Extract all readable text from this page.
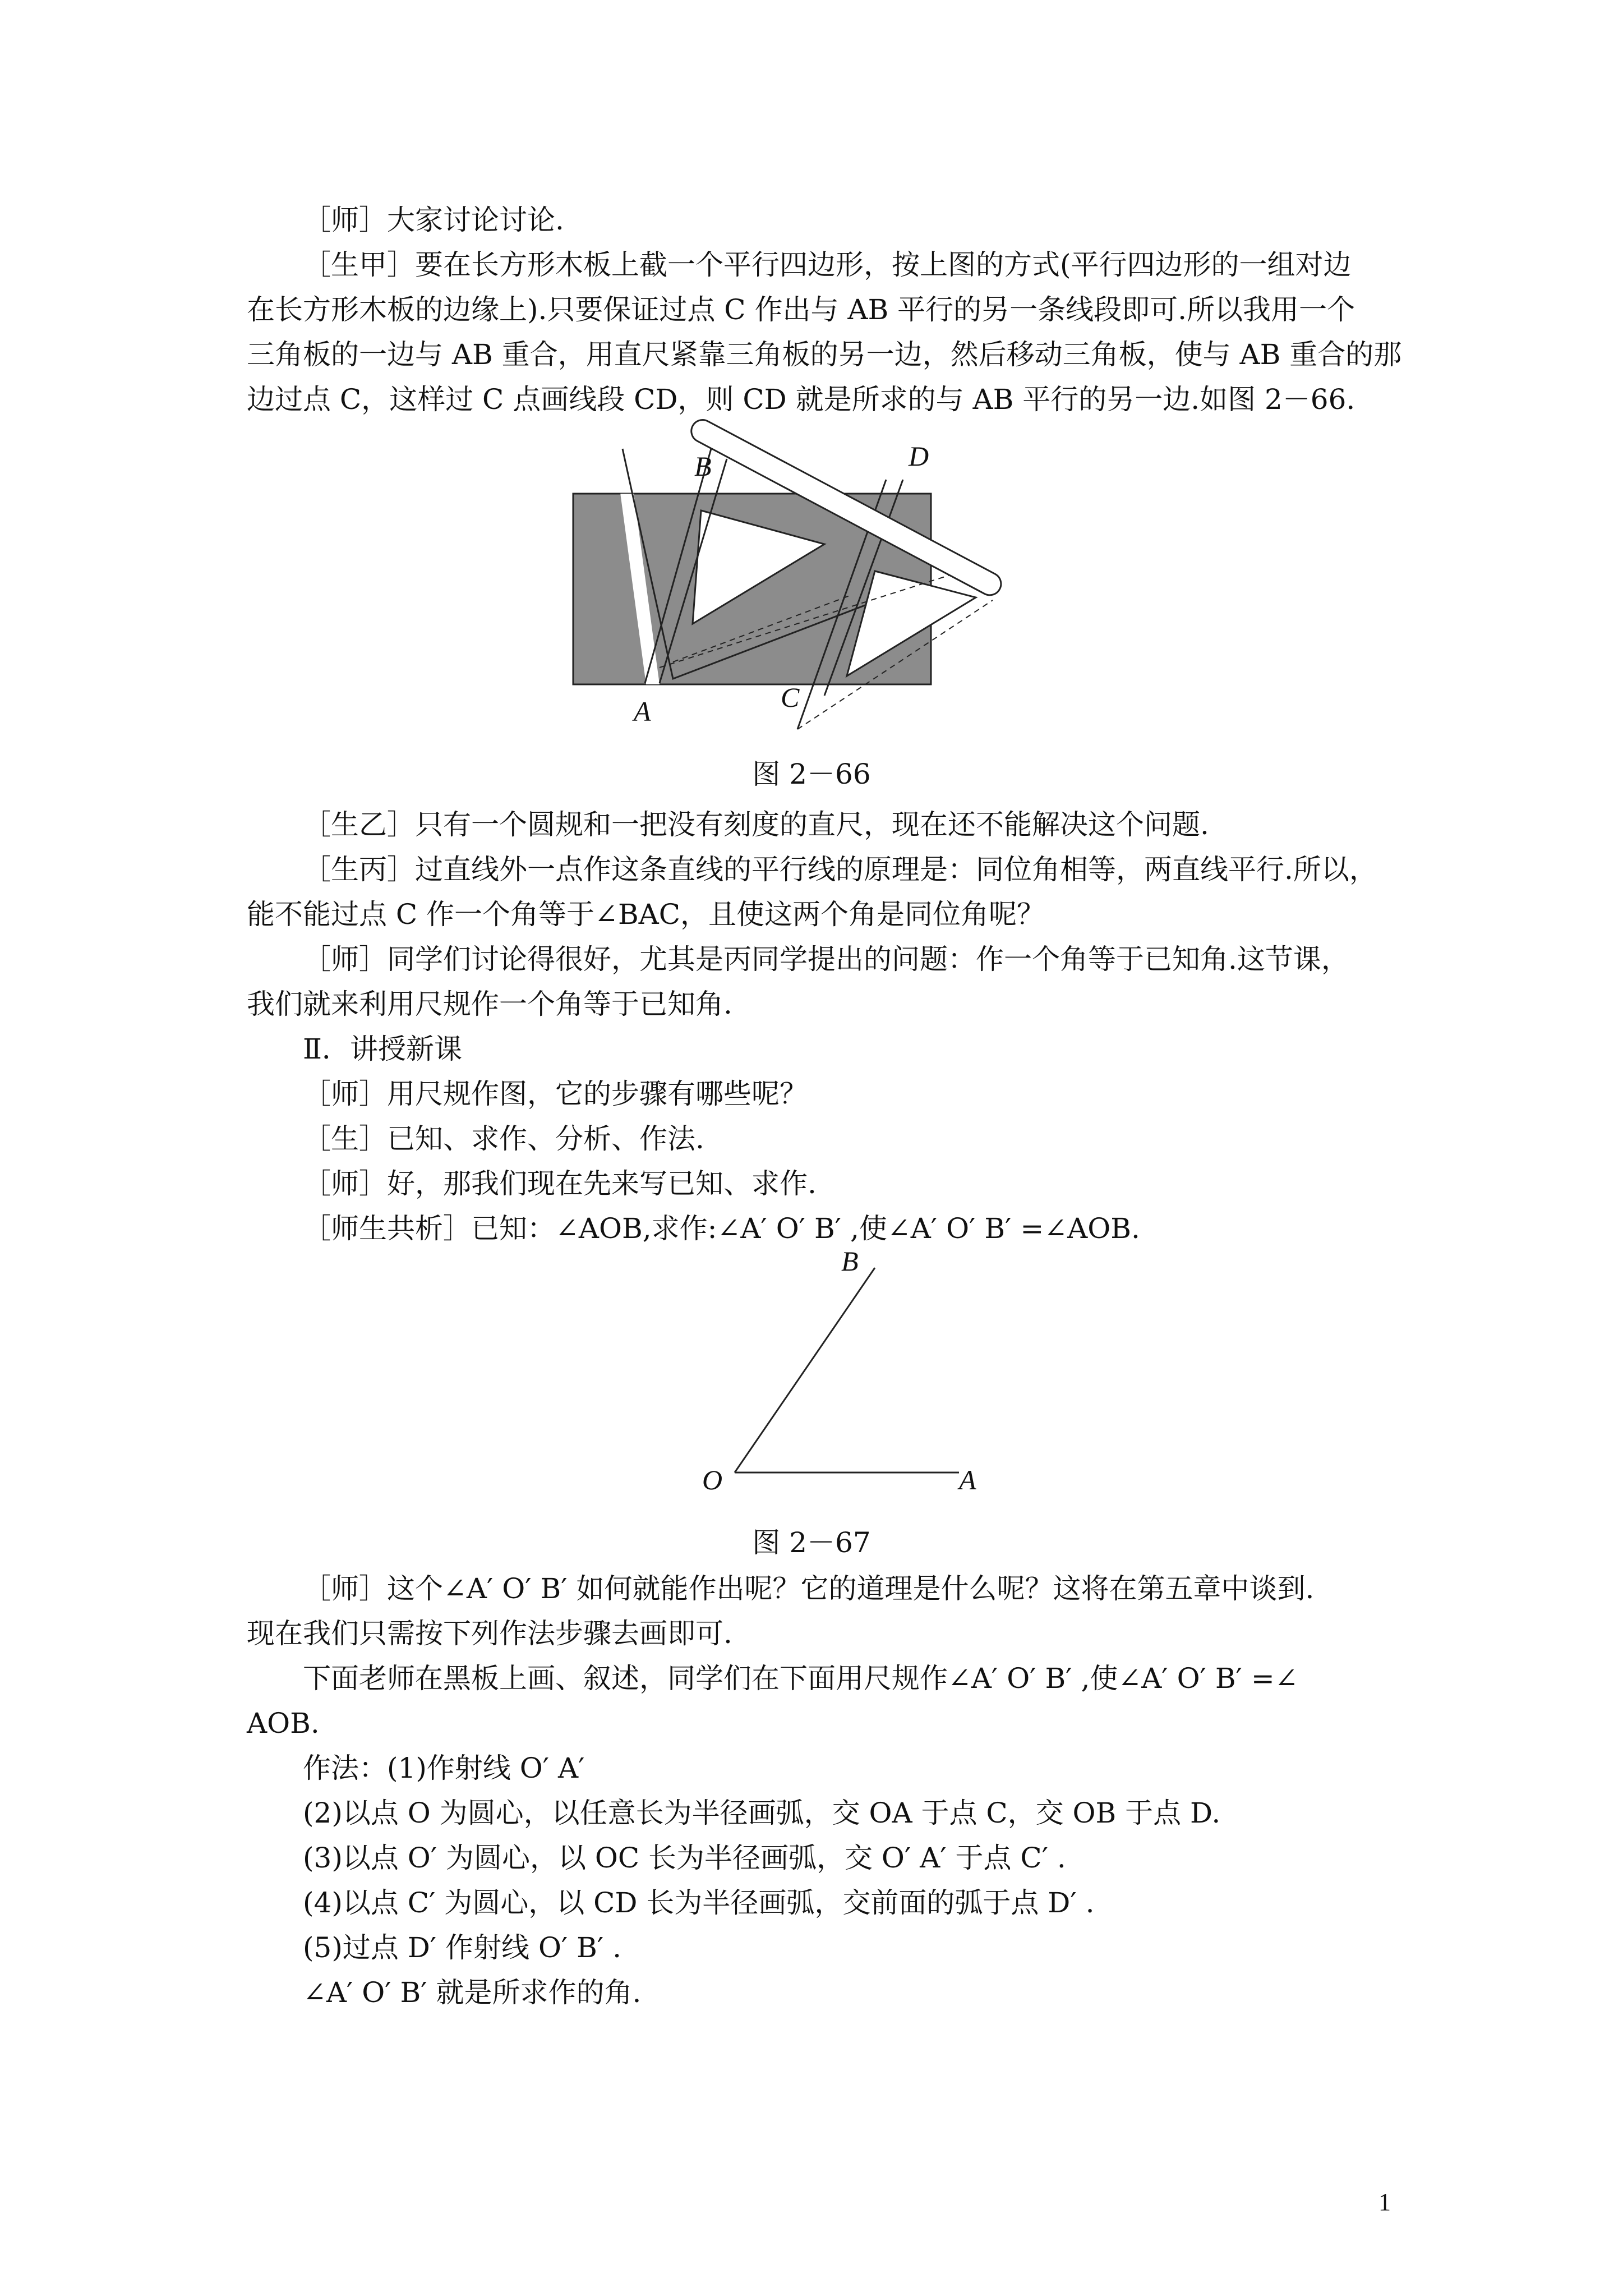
［师］大家讨论讨论.
［生甲］要在长方形木板上截一个平行四边形，按上图的方式(平行四边形的一组对边
在长方形木板的边缘上).只要保证过点 C 作出与 AB 平行的另一条线段即可.所以我用一个
三角板的一边与 AB 重合，用直尺紧靠三角板的另一边，然后移动三角板，使与 AB 重合的那
边过点 C，这样过 C 点画线段 CD，则 CD 就是所求的与 AB 平行的另一边.如图 2－66.
B	D
A	C
图 2－66
［生乙］只有一个圆规和一把没有刻度的直尺，现在还不能解决这个问题.
［生丙］过直线外一点作这条直线的平行线的原理是：同位角相等，两直线平行.所以，
能不能过点 C 作一个角等于∠BAC，且使这两个角是同位角呢？
［师］同学们讨论得很好，尤其是丙同学提出的问题：作一个角等于已知角.这节课，
我们就来利用尺规作一个角等于已知角.
Ⅱ．讲授新课
［师］用尺规作图，它的步骤有哪些呢？
［生］已知、求作、分析、作法.
［师］好，那我们现在先来写已知、求作.
［师生共析］已知：∠AOB,求作:∠A′ O′ B′ ,使∠A′ O′ B′ =∠AOB.
O	A
B
图 2－67
［师］这个∠A′ O′ B′ 如何就能作出呢？它的道理是什么呢？这将在第五章中谈到.
现在我们只需按下列作法步骤去画即可.
下面老师在黑板上画、叙述，同学们在下面用尺规作∠A′ O′ B′ ,使∠A′ O′ B′ =∠
AOB.
作法：(1)作射线 O′ A′
(2)以点 O 为圆心，以任意长为半径画弧，交 OA 于点 C，交 OB 于点 D.
(3)以点 O′ 为圆心，以 OC 长为半径画弧，交 O′ A′ 于点 C′ .
(4)以点 C′ 为圆心，以 CD 长为半径画弧，交前面的弧于点 D′ .
(5)过点 D′ 作射线 O′ B′ .
∠A′ O′ B′ 就是所求作的角.
1
